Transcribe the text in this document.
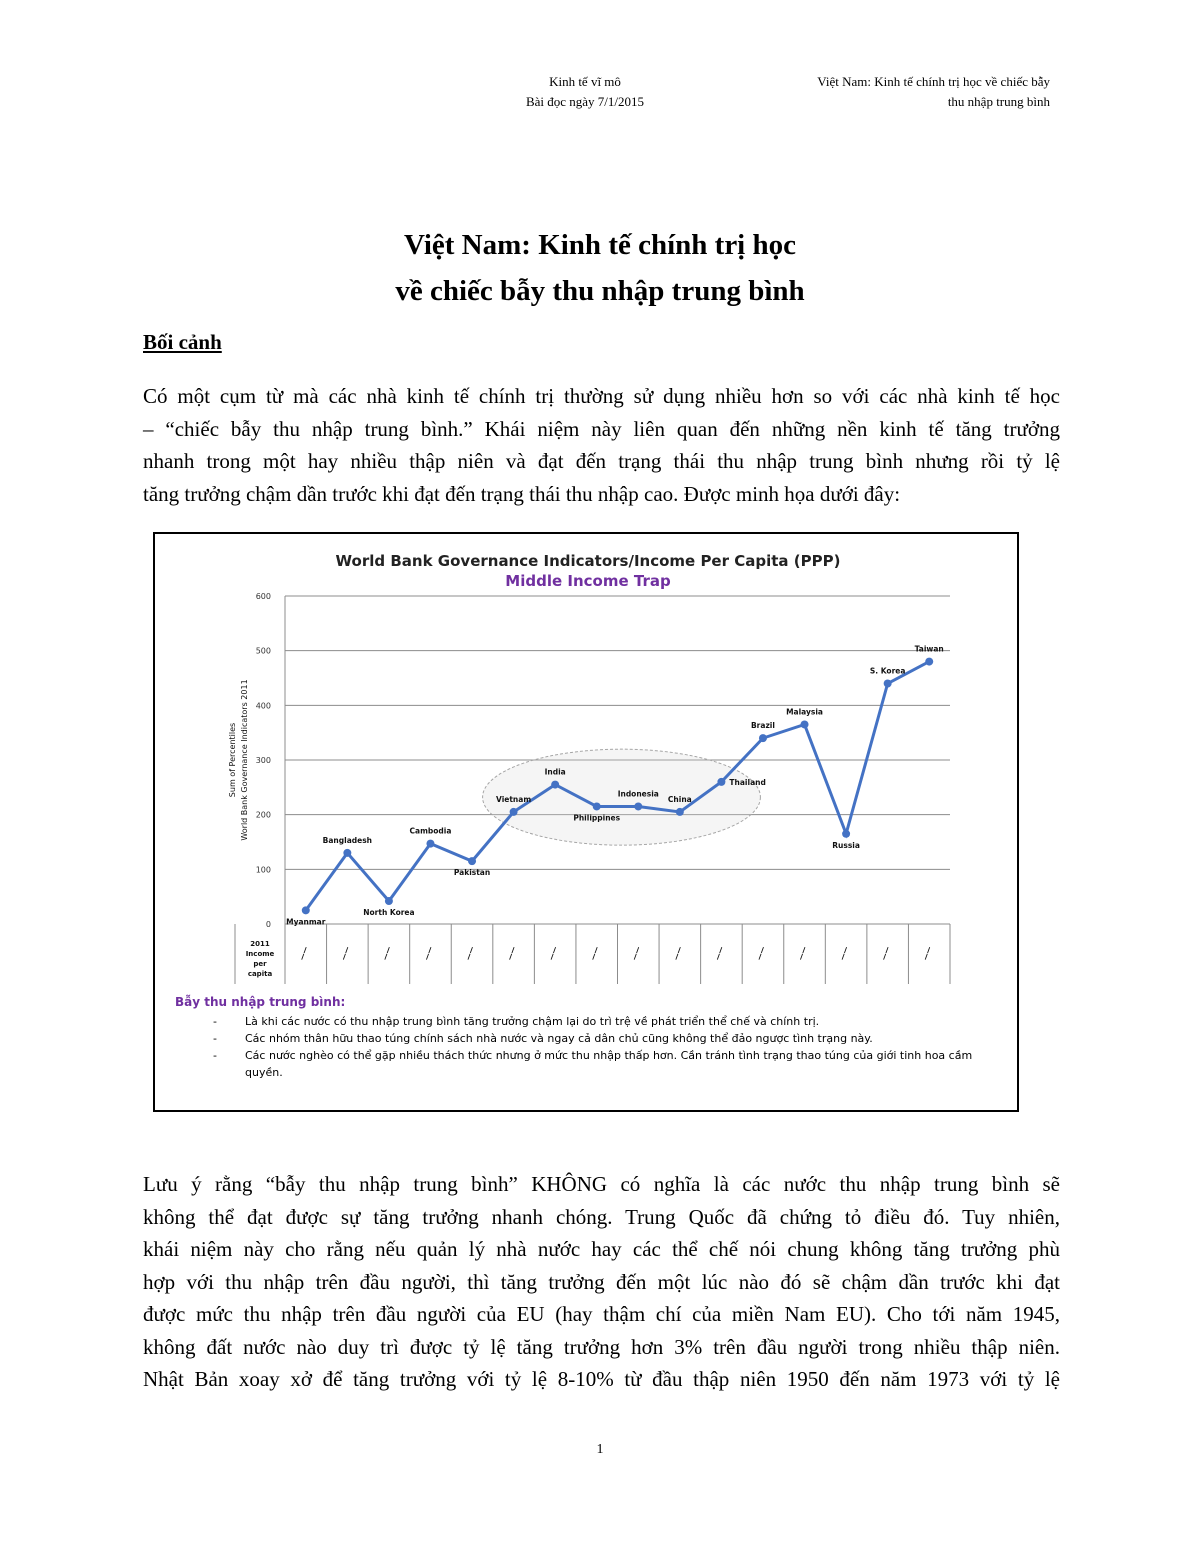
Kinh tế vĩ mô
Bài đọc ngày 7/1/2015
Việt Nam: Kinh tế chính trị học về chiếc bẫy
thu nhập trung bình
Việt Nam: Kinh tế chính trị học
về chiếc bẫy thu nhập trung bình
Bối cảnh
Có một cụm từ mà các nhà kinh tế chính trị thường sử dụng nhiều hơn so với các nhà kinh tế học
– “chiếc bẫy thu nhập trung bình.” Khái niệm này liên quan đến những nền kinh tế tăng trưởng
nhanh trong một hay nhiều thập niên và đạt đến trạng thái thu nhập trung bình nhưng rồi tỷ lệ
tăng trưởng chậm dần trước khi đạt đến trạng thái thu nhập cao. Được minh họa dưới đây:
World Bank Governance Indicators/Income Per Capita (PPP)
Middle Income Trap
0
100
200
300
400
500
600
Myanmar
Bangladesh
North Korea
Cambodia
Pakistan
Vietnam
India
Philippines
Indonesia
China
Thailand
Brazil
Malaysia
Russia
S. Korea
Taiwan
Sum of Percentiles World Bank Governance Indicators 2011
2011
Income
per
capita
——	——	——	——	——	——	——	——	——	——	——	——	——	——	——	——
Bẫy thu nhập trung bình:
- Là khi các nước có thu nhập trung bình tăng trưởng chậm lại do trì trệ về phát triển thể chế và chính trị.
- Các nhóm thân hữu thao túng chính sách nhà nước và ngay cả dân chủ cũng không thể đảo ngược tình trạng này.
- Các nước nghèo có thể gặp nhiều thách thức nhưng ở mức thu nhập thấp hơn. Cần tránh tình trạng thao túng của giới tinh hoa cầm quyền.
Lưu ý rằng “bẫy thu nhập trung bình” KHÔNG có nghĩa là các nước thu nhập trung bình sẽ
không thể đạt được sự tăng trưởng nhanh chóng. Trung Quốc đã chứng tỏ điều đó. Tuy nhiên,
khái niệm này cho rằng nếu quản lý nhà nước hay các thể chế nói chung không tăng trưởng phù
hợp với thu nhập trên đầu người, thì tăng trưởng đến một lúc nào đó sẽ chậm dần trước khi đạt
được mức thu nhập trên đầu người của EU (hay thậm chí của miền Nam EU). Cho tới năm 1945,
không đất nước nào duy trì được tỷ lệ tăng trưởng hơn 3% trên đầu người trong nhiều thập niên.
Nhật Bản xoay xở để tăng trưởng với tỷ lệ 8-10% từ đầu thập niên 1950 đến năm 1973 với tỷ lệ
1
